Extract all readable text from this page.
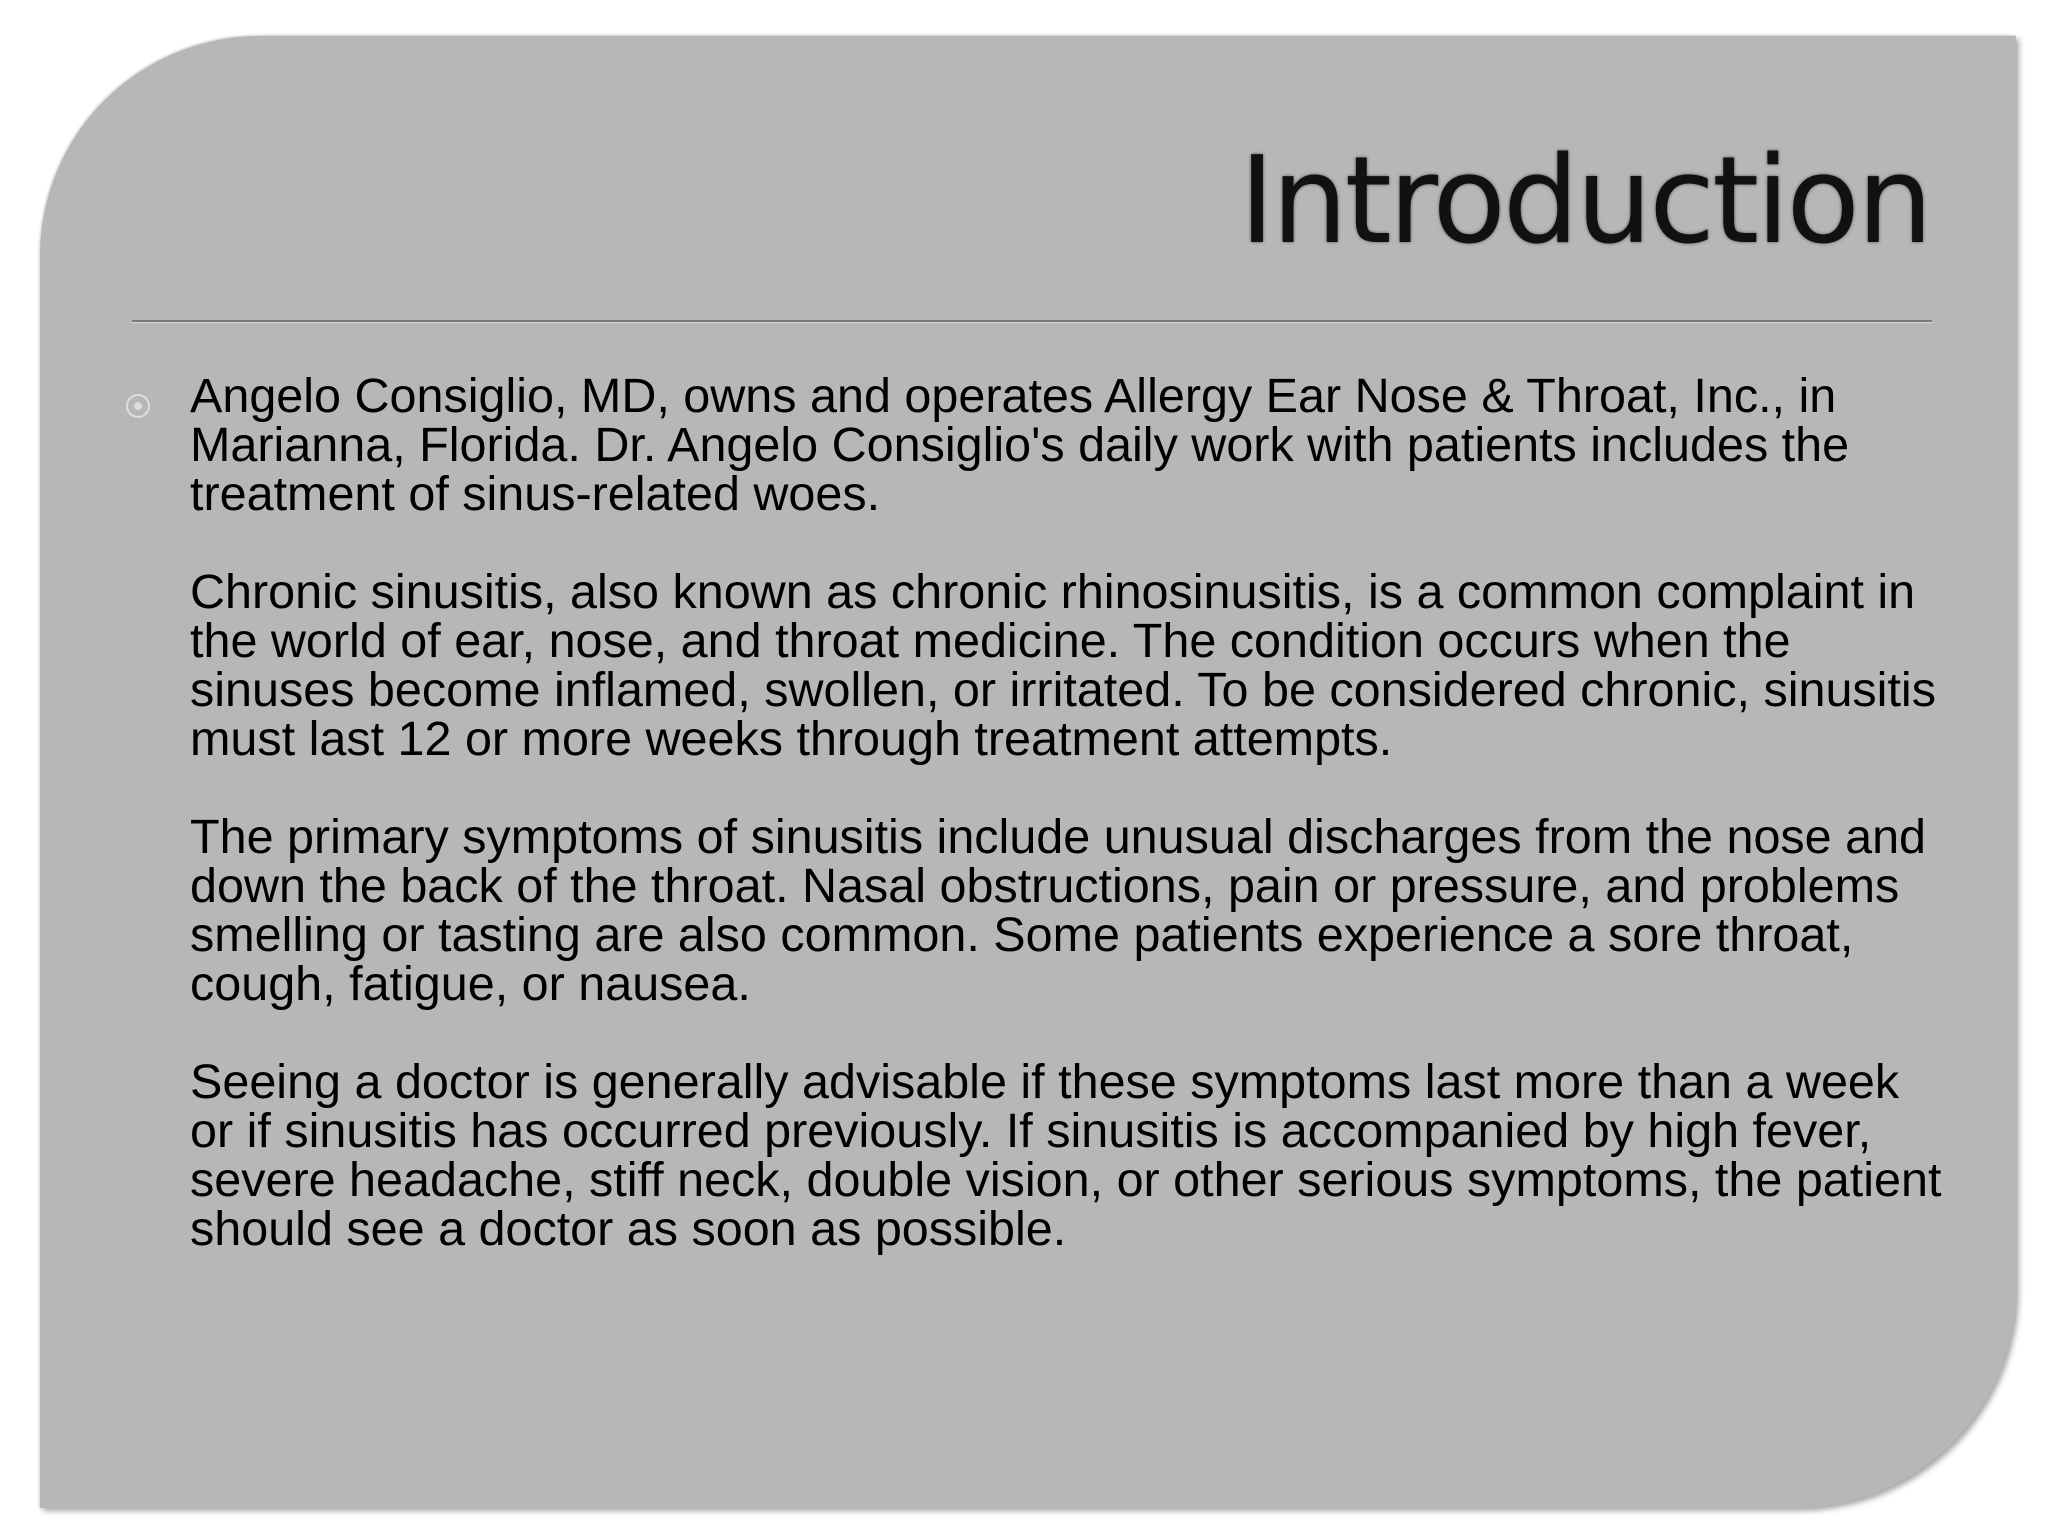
Introduction

Angelo Consiglio, MD, owns and operates Allergy Ear Nose & Throat, Inc., in Marianna, Florida. Dr. Angelo Consiglio's daily work with patients includes the treatment of sinus-related woes.

Chronic sinusitis, also known as chronic rhinosinusitis, is a common complaint in the world of ear, nose, and throat medicine. The condition occurs when the sinuses become inflamed, swollen, or irritated. To be considered chronic, sinusitis must last 12 or more weeks through treatment attempts.

The primary symptoms of sinusitis include unusual discharges from the nose and down the back of the throat. Nasal obstructions, pain or pressure, and problems smelling or tasting are also common. Some patients experience a sore throat, cough, fatigue, or nausea.

Seeing a doctor is generally advisable if these symptoms last more than a week or if sinusitis has occurred previously. If sinusitis is accompanied by high fever, severe headache, stiff neck, double vision, or other serious symptoms, the patient should see a doctor as soon as possible.
